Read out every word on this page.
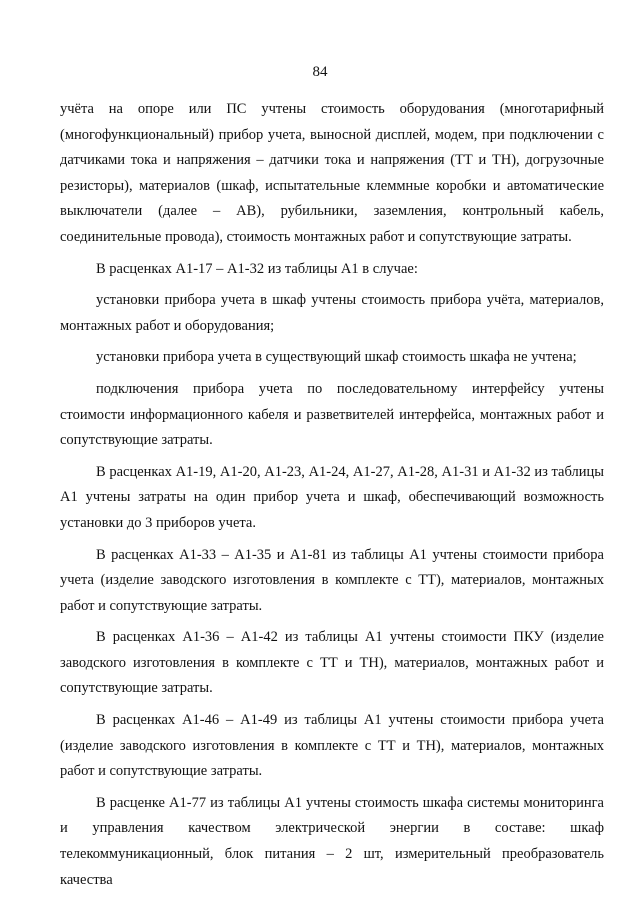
84

учёта на опоре или ПС учтены стоимость оборудования (многотарифный (многофункциональный) прибор учета, выносной дисплей, модем, при подключении с датчиками тока и напряжения – датчики тока и напряжения (ТТ и ТН), догрузочные резисторы), материалов (шкаф, испытательные клеммные коробки и автоматические выключатели (далее – АВ), рубильники, заземления, контрольный кабель, соединительные провода), стоимость монтажных работ и сопутствующие затраты.

В расценках А1-17 – А1-32 из таблицы А1 в случае:

установки прибора учета в шкаф учтены стоимость прибора учёта, материалов, монтажных работ и оборудования;

установки прибора учета в существующий шкаф стоимость шкафа не учтена;

подключения прибора учета по последовательному интерфейсу учтены стоимости информационного кабеля и разветвителей интерфейса, монтажных работ и сопутствующие затраты.

В расценках А1-19, А1-20, А1-23, А1-24, А1-27, А1-28, А1-31 и А1-32 из таблицы А1 учтены затраты на один прибор учета и шкаф, обеспечивающий возможность установки до 3 приборов учета.

В расценках А1-33 – А1-35 и А1-81 из таблицы А1 учтены стоимости прибора учета (изделие заводского изготовления в комплекте с ТТ), материалов, монтажных работ и сопутствующие затраты.

В расценках А1-36 – А1-42 из таблицы А1 учтены стоимости ПКУ (изделие заводского изготовления в комплекте с ТТ и ТН), материалов, монтажных работ и сопутствующие затраты.

В расценках А1-46 – А1-49 из таблицы А1 учтены стоимости прибора учета (изделие заводского изготовления в комплекте с ТТ и ТН), материалов, монтажных работ и сопутствующие затраты.

В расценке А1-77 из таблицы А1 учтены стоимость шкафа системы мониторинга и управления качеством электрической энергии в составе: шкаф телекоммуникационный, блок питания – 2 шт, измерительный преобразователь качества
